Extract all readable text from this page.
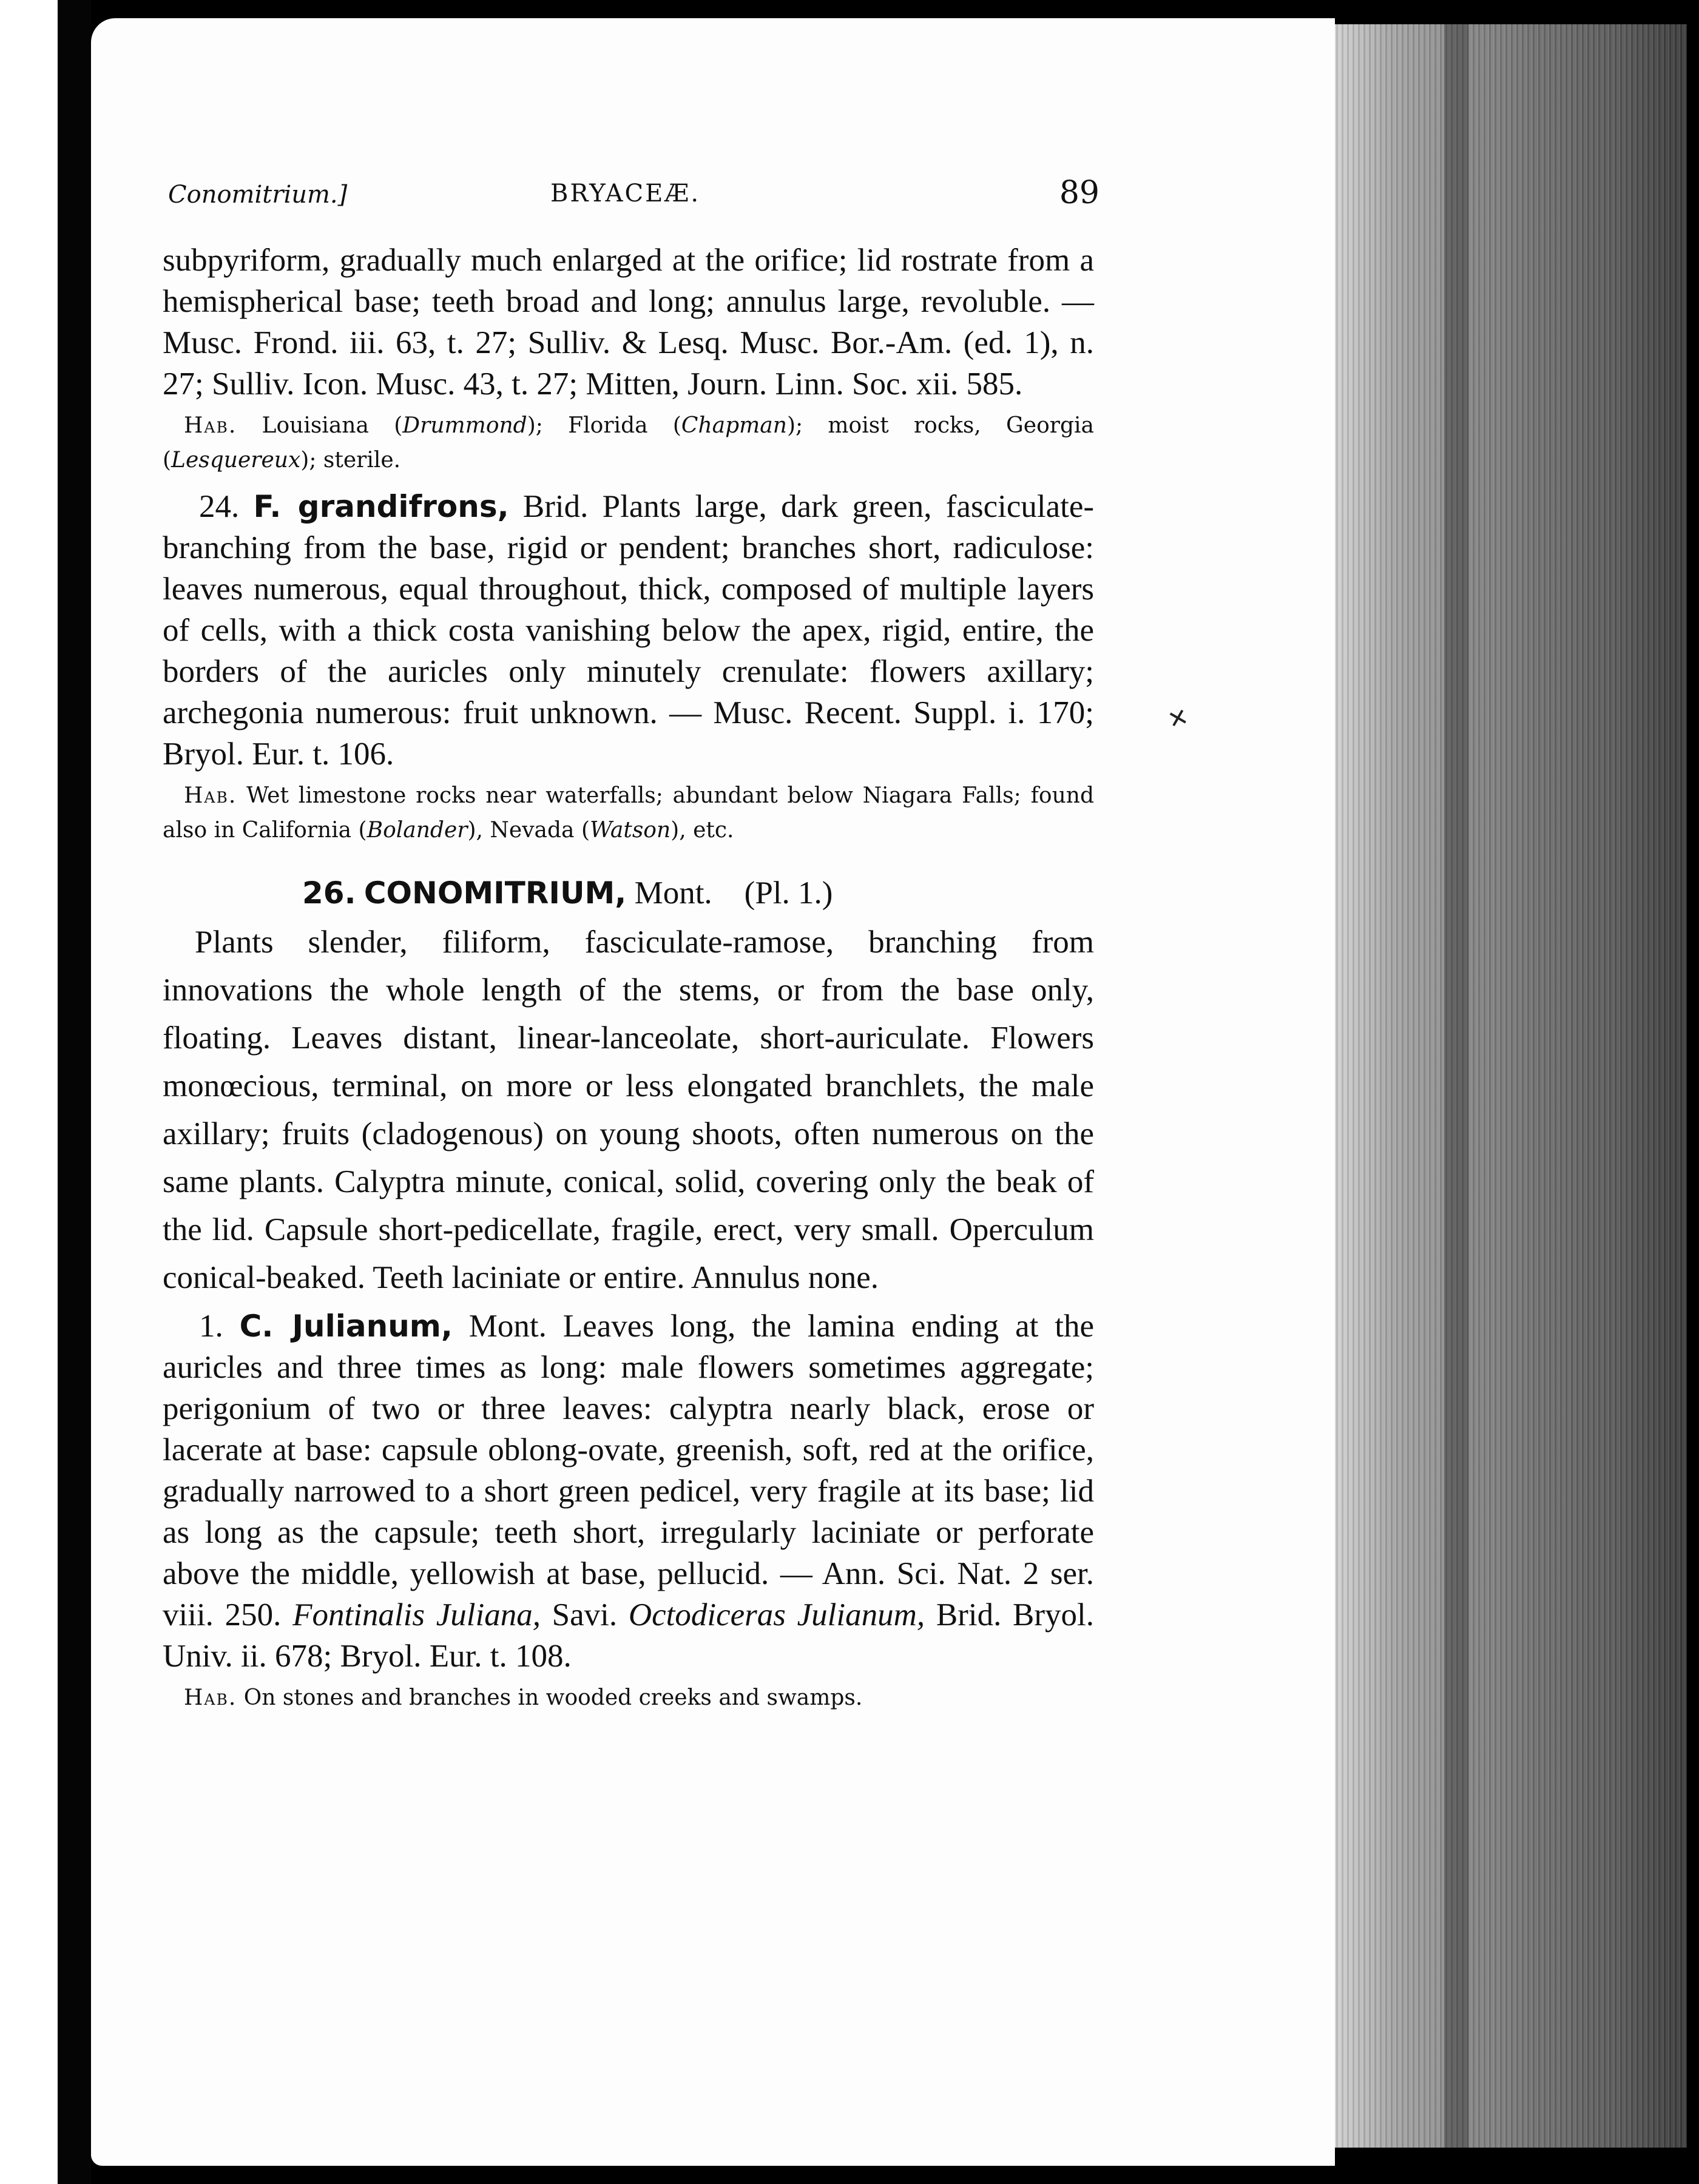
✕
Conomitrium.]	BRYACEÆ.	89

subpyriform, gradually much enlarged at the orifice; lid rostrate from a hemispherical base; teeth broad and long; annulus large, revoluble. — Musc. Frond. iii. 63, t. 27; Sulliv. & Lesq. Musc. Bor.-Am. (ed. 1), n. 27; Sulliv. Icon. Musc. 43, t. 27; Mitten, Journ. Linn. Soc. xii. 585.

Hab. Louisiana (Drummond); Florida (Chapman); moist rocks, Georgia (Lesquereux); sterile.

24. F. grandifrons, Brid. Plants large, dark green, fasciculate-branching from the base, rigid or pendent; branches short, radiculose: leaves numerous, equal throughout, thick, composed of multiple layers of cells, with a thick costa vanishing below the apex, rigid, entire, the borders of the auricles only minutely crenulate: flowers axillary; archegonia numerous: fruit unknown. — Musc. Recent. Suppl. i. 170; Bryol. Eur. t. 106.

Hab. Wet limestone rocks near waterfalls; abundant below Niagara Falls; found also in California (Bolander), Nevada (Watson), etc.

26. CONOMITRIUM, Mont. (Pl. 1.)

Plants slender, filiform, fasciculate-ramose, branching from innovations the whole length of the stems, or from the base only, floating. Leaves distant, linear-lanceolate, short-auriculate. Flowers monœcious, terminal, on more or less elongated branchlets, the male axillary; fruits (cladogenous) on young shoots, often numerous on the same plants. Calyptra minute, conical, solid, covering only the beak of the lid. Capsule short-pedicellate, fragile, erect, very small. Operculum conical-beaked. Teeth laciniate or entire. Annulus none.

1. C. Julianum, Mont. Leaves long, the lamina ending at the auricles and three times as long: male flowers sometimes aggregate; perigonium of two or three leaves: calyptra nearly black, erose or lacerate at base: capsule oblong-ovate, greenish, soft, red at the orifice, gradually narrowed to a short green pedicel, very fragile at its base; lid as long as the capsule; teeth short, irregularly laciniate or perforate above the middle, yellowish at base, pellucid. — Ann. Sci. Nat. 2 ser. viii. 250. Fontinalis Juliana, Savi. Octodiceras Julianum, Brid. Bryol. Univ. ii. 678; Bryol. Eur. t. 108.

Hab. On stones and branches in wooded creeks and swamps.
